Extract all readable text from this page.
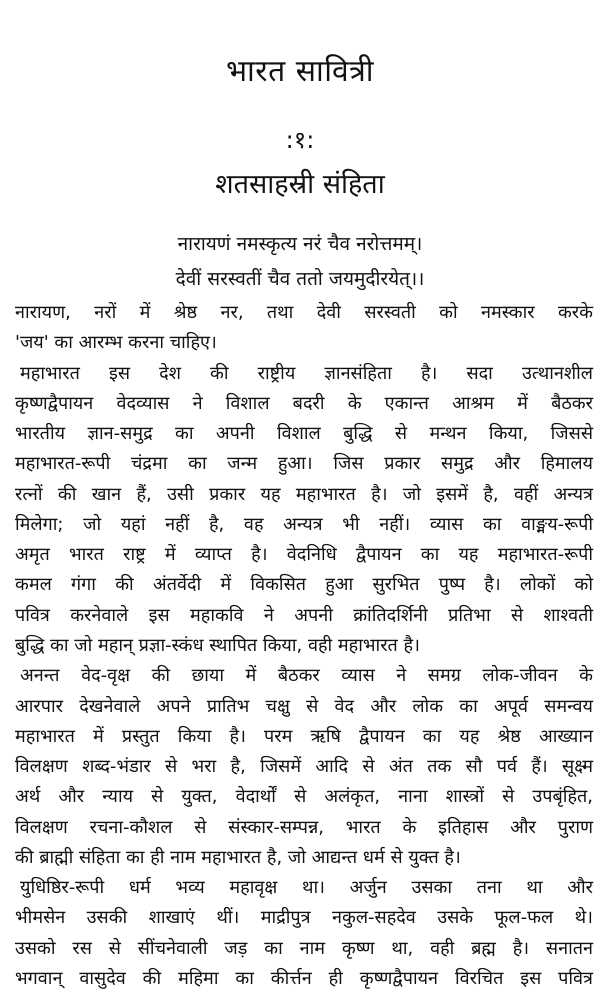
भारत सावित्री
:१:
शतसाहस्री संहिता
नारायणं नमस्कृत्य नरं चैव नरोत्तमम्।
देवीं सरस्वतीं चैव ततो जयमुदीरयेत्।।
नारायण, नरों में श्रेष्ठ नर, तथा देवी सरस्वती को नमस्कार करके
'जय' का आरम्भ करना चाहिए।
महाभारत इस देश की राष्ट्रीय ज्ञानसंहिता है। सदा उत्थानशील
कृष्णद्वैपायन वेदव्यास ने विशाल बदरी के एकान्त आश्रम में बैठकर
भारतीय ज्ञान-समुद्र का अपनी विशाल बुद्धि से मन्थन किया, जिससे
महाभारत-रूपी चंद्रमा का जन्म हुआ। जिस प्रकार समुद्र और हिमालय
रत्नों की खान हैं, उसी प्रकार यह महाभारत है। जो इसमें है, वहीं अन्यत्र
मिलेगा; जो यहां नहीं है, वह अन्यत्र भी नहीं। व्यास का वाङ्मय-रूपी
अमृत भारत राष्ट्र में व्याप्त है। वेदनिधि द्वैपायन का यह महाभारत-रूपी
कमल गंगा की अंतर्वेदी में विकसित हुआ सुरभित पुष्प है। लोकों को
पवित्र करनेवाले इस महाकवि ने अपनी क्रांतिदर्शिनी प्रतिभा से शाश्वती
बुद्धि का जो महान् प्रज्ञा-स्कंध स्थापित किया, वही महाभारत है।
अनन्त वेद-वृक्ष की छाया में बैठकर व्यास ने समग्र लोक-जीवन के
आरपार देखनेवाले अपने प्रातिभ चक्षु से वेद और लोक का अपूर्व समन्वय
महाभारत में प्रस्तुत किया है। परम ऋषि द्वैपायन का यह श्रेष्ठ आख्यान
विलक्षण शब्द-भंडार से भरा है, जिसमें आदि से अंत तक सौ पर्व हैं। सूक्ष्म
अर्थ और न्याय से युक्त, वेदार्थों से अलंकृत, नाना शास्त्रों से उपबृंहित,
विलक्षण रचना-कौशल से संस्कार-सम्पन्न, भारत के इतिहास और पुराण
की ब्राह्मी संहिता का ही नाम महाभारत है, जो आद्यन्त धर्म से युक्त है।
युधिष्ठिर-रूपी धर्म भव्य महावृक्ष था। अर्जुन उसका तना था और
भीमसेन उसकी शाखाएं थीं। माद्रीपुत्र नकुल-सहदेव उसके फूल-फल थे।
उसको रस से सींचनेवाली जड़ का नाम कृष्ण था, वही ब्रह्म है। सनातन
भगवान् वासुदेव की महिमा का कीर्त्तन ही कृष्णद्वैपायन विरचित इस पवित्र
